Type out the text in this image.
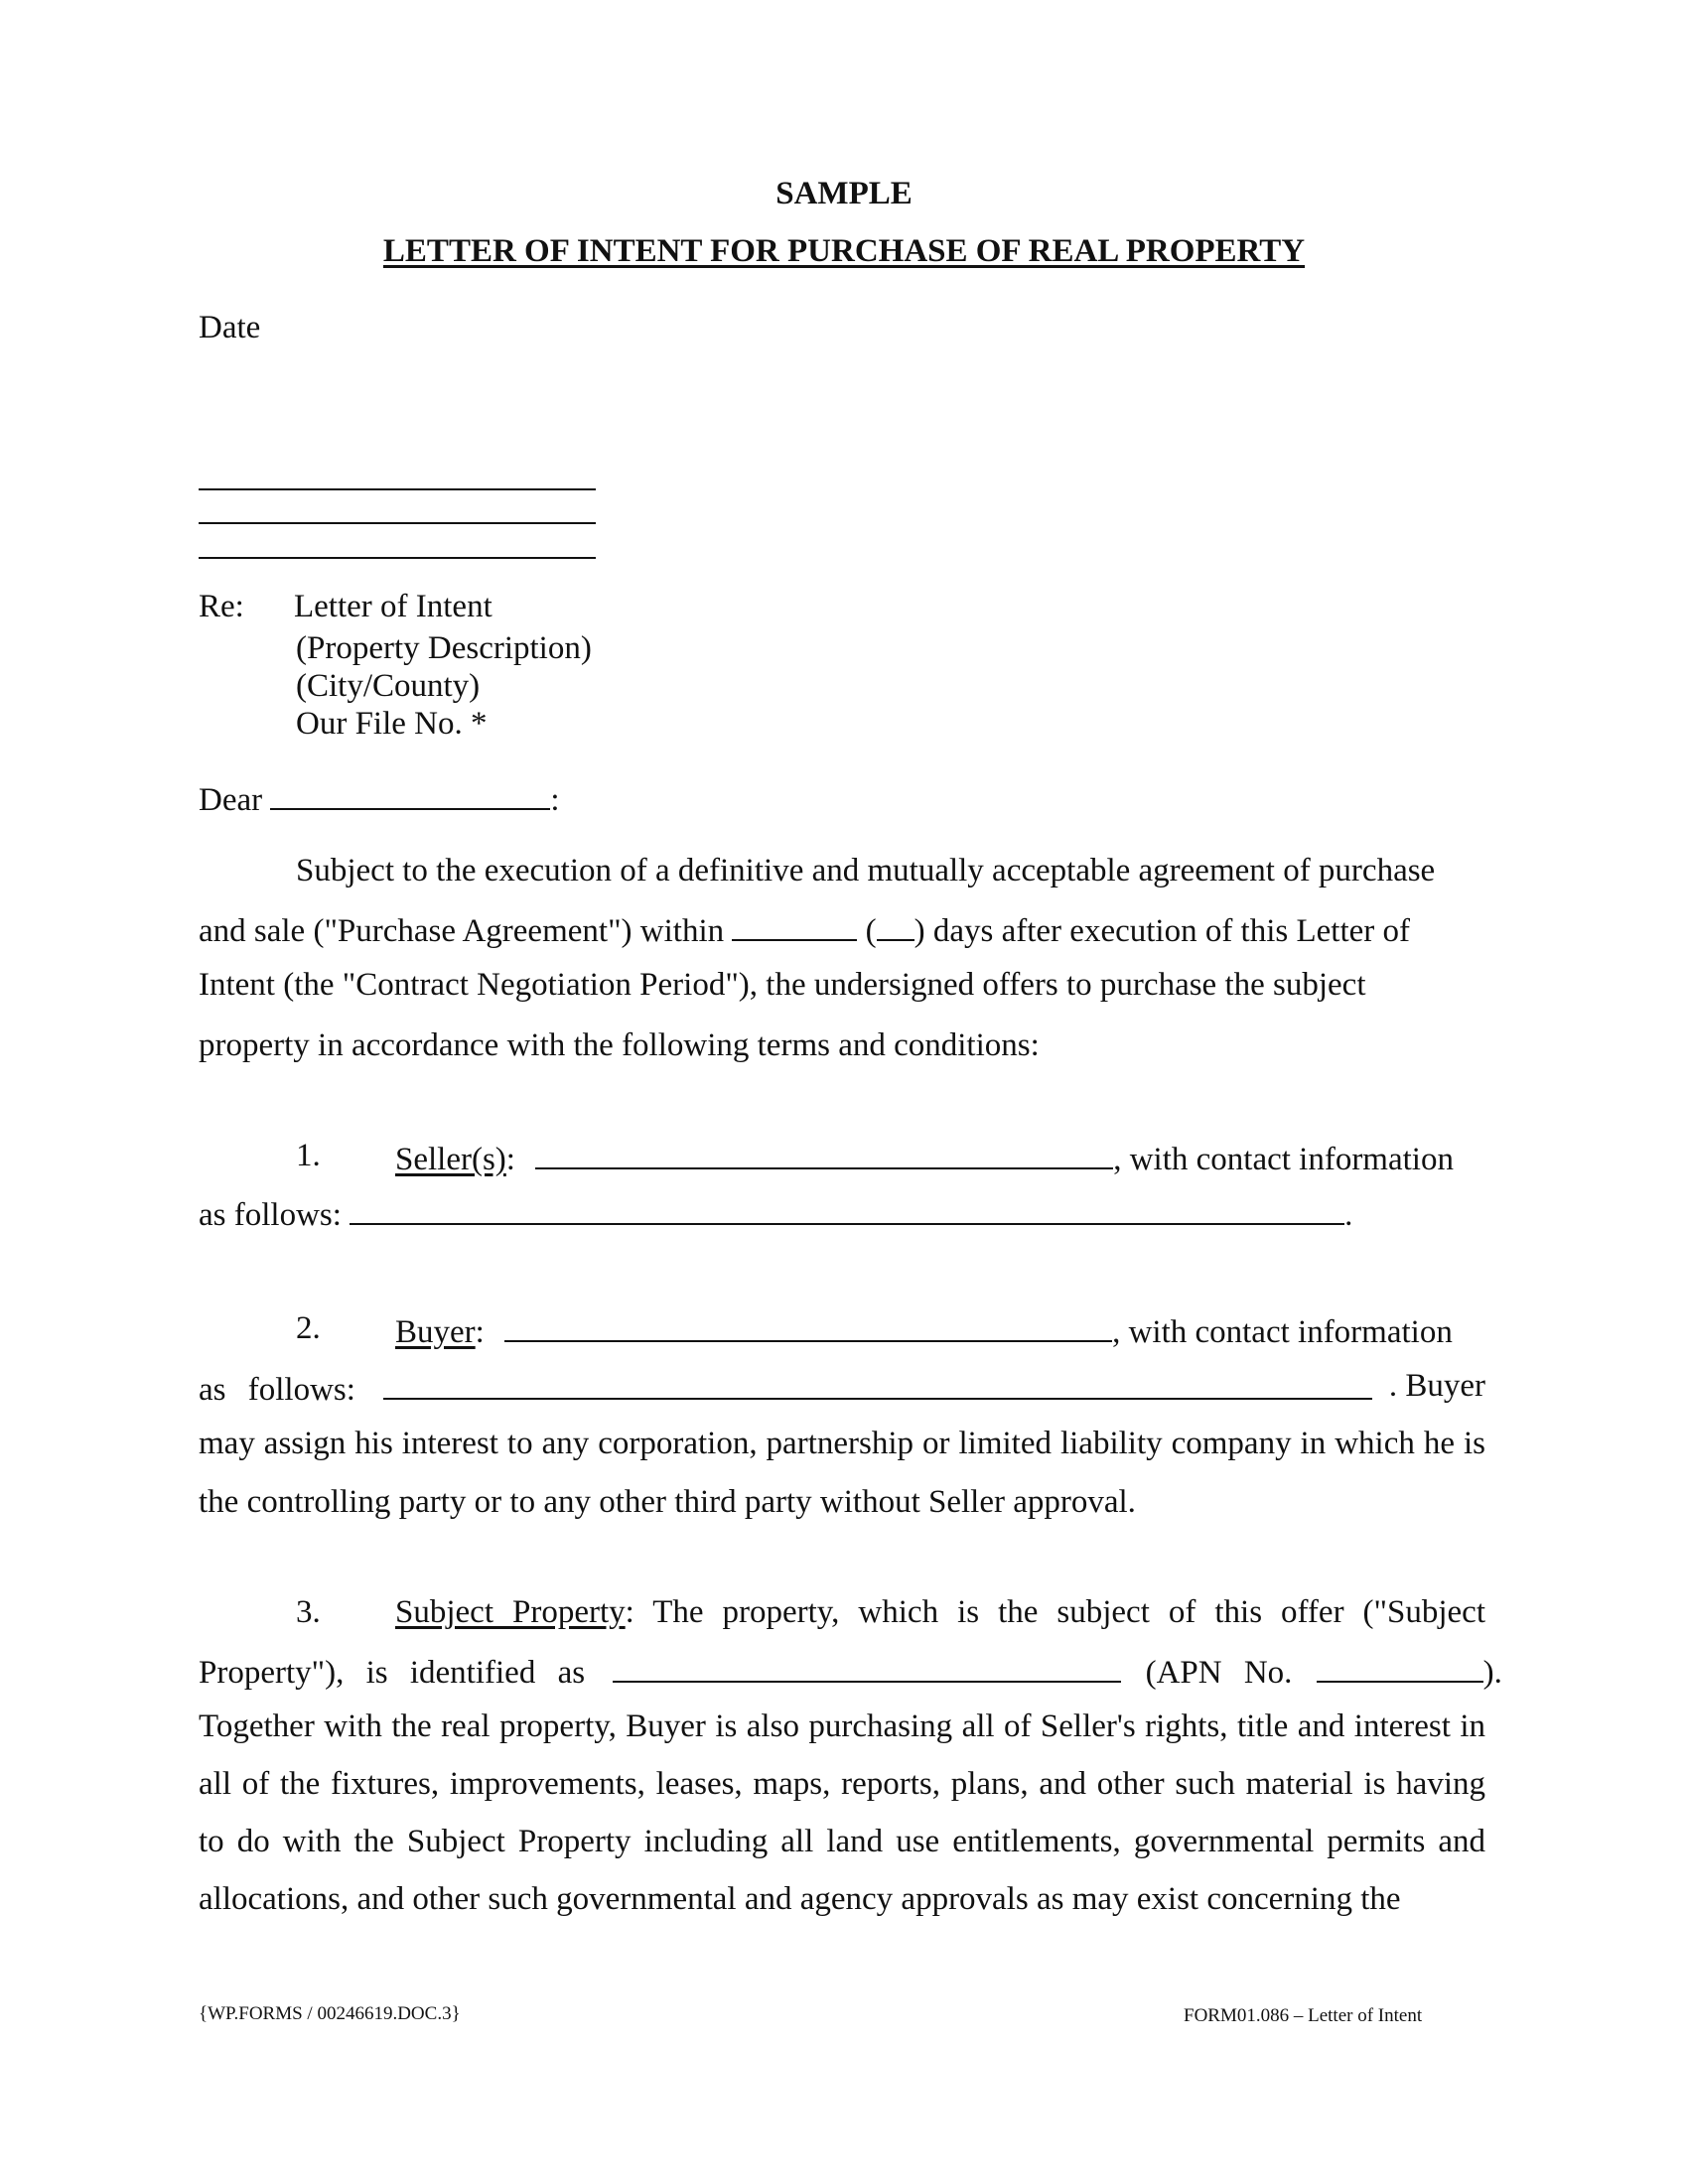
SAMPLE
LETTER OF INTENT FOR PURCHASE OF REAL PROPERTY
Date
Re: Letter of Intent
(Property Description)
(City/County)
Our File No. *
Dear	:
Subject to the execution of a definitive and mutually acceptable agreement of purchase
and sale ("Purchase Agreement") within	( ) days after execution of this Letter of
Intent (the "Contract Negotiation Period"), the undersigned offers to purchase the subject
property in accordance with the following terms and conditions:
1. Seller(s):	, with contact information
as follows:	.
2. Buyer:	, with contact information
as follows:	. Buyer
may assign his interest to any corporation, partnership or limited liability company in which he is
the controlling party or to any other third party without Seller approval.
3. Subject Property: The property, which is the subject of this offer ("Subject
Property"), is identified as	(APN No.	).
Together with the real property, Buyer is also purchasing all of Seller's rights, title and interest in
all of the fixtures, improvements, leases, maps, reports, plans, and other such material is having
to do with the Subject Property including all land use entitlements, governmental permits and
allocations, and other such governmental and agency approvals as may exist concerning the
{WP.FORMS / 00246619.DOC.3}	FORM01.086 – Letter of Intent
